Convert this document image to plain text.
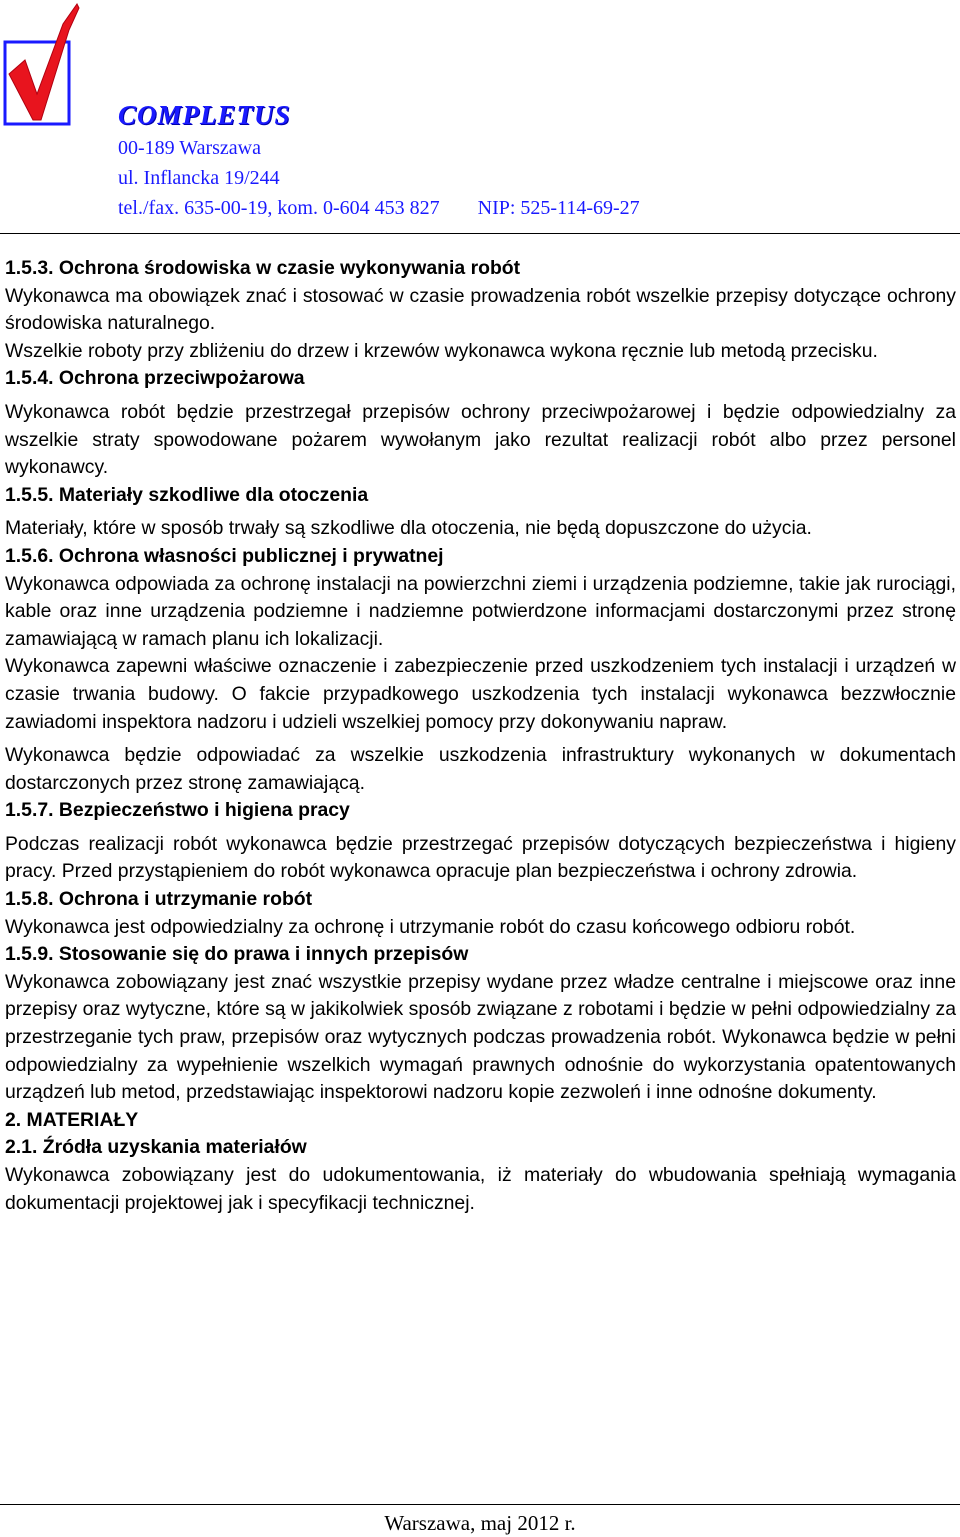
COMPLETUS
00-189 Warszawa
ul. Inflancka 19/244
tel./fax. 635-00-19, kom. 0-604 453 827 NIP: 525-114-69-27
1.5.3. Ochrona środowiska w czasie wykonywania robót

Wykonawca ma obowiązek znać i stosować w czasie prowadzenia robót wszelkie przepisy dotyczące ochrony środowiska naturalnego.

Wszelkie roboty przy zbliżeniu do drzew i krzewów wykonawca wykona ręcznie lub metodą przecisku.

1.5.4. Ochrona przeciwpożarowa

Wykonawca robót będzie przestrzegał przepisów ochrony przeciwpożarowej i będzie odpowiedzialny za wszelkie straty spowodowane pożarem wywołanym jako rezultat realizacji robót albo przez personel wykonawcy.

1.5.5. Materiały szkodliwe dla otoczenia

Materiały, które w sposób trwały są szkodliwe dla otoczenia, nie będą dopuszczone do użycia.

1.5.6. Ochrona własności publicznej i prywatnej

Wykonawca odpowiada za ochronę instalacji na powierzchni ziemi i urządzenia podziemne, takie jak rurociągi, kable oraz inne urządzenia podziemne i nadziemne potwierdzone informacjami dostarczonymi przez stronę zamawiającą w ramach planu ich lokalizacji.

Wykonawca zapewni właściwe oznaczenie i zabezpieczenie przed uszkodzeniem tych instalacji i urządzeń w czasie trwania budowy. O fakcie przypadkowego uszkodzenia tych instalacji wykonawca bezzwłocznie zawiadomi inspektora nadzoru i udzieli wszelkiej pomocy przy dokonywaniu napraw.

Wykonawca będzie odpowiadać za wszelkie uszkodzenia infrastruktury wykonanych w dokumentach dostarczonych przez stronę zamawiającą.

1.5.7. Bezpieczeństwo i higiena pracy

Podczas realizacji robót wykonawca będzie przestrzegać przepisów dotyczących bezpieczeństwa i higieny pracy. Przed przystąpieniem do robót wykonawca opracuje plan bezpieczeństwa i ochrony zdrowia.

1.5.8. Ochrona i utrzymanie robót

Wykonawca jest odpowiedzialny za ochronę i utrzymanie robót do czasu końcowego odbioru robót.

1.5.9. Stosowanie się do prawa i innych przepisów

Wykonawca zobowiązany jest znać wszystkie przepisy wydane przez władze centralne i miejscowe oraz inne przepisy oraz wytyczne, które są w jakikolwiek sposób związane z robotami i będzie w pełni odpowiedzialny za przestrzeganie tych praw, przepisów oraz wytycznych podczas prowadzenia robót. Wykonawca będzie w pełni odpowiedzialny za wypełnienie wszelkich wymagań prawnych odnośnie do wykorzystania opatentowanych urządzeń lub metod, przedstawiając inspektorowi nadzoru kopie zezwoleń i inne odnośne dokumenty.

2. MATERIAŁY
2.1. Źródła uzyskania materiałów

Wykonawca zobowiązany jest do udokumentowania, iż materiały do wbudowania spełniają wymagania dokumentacji projektowej jak i specyfikacji technicznej.

Warszawa, maj 2012 r.
